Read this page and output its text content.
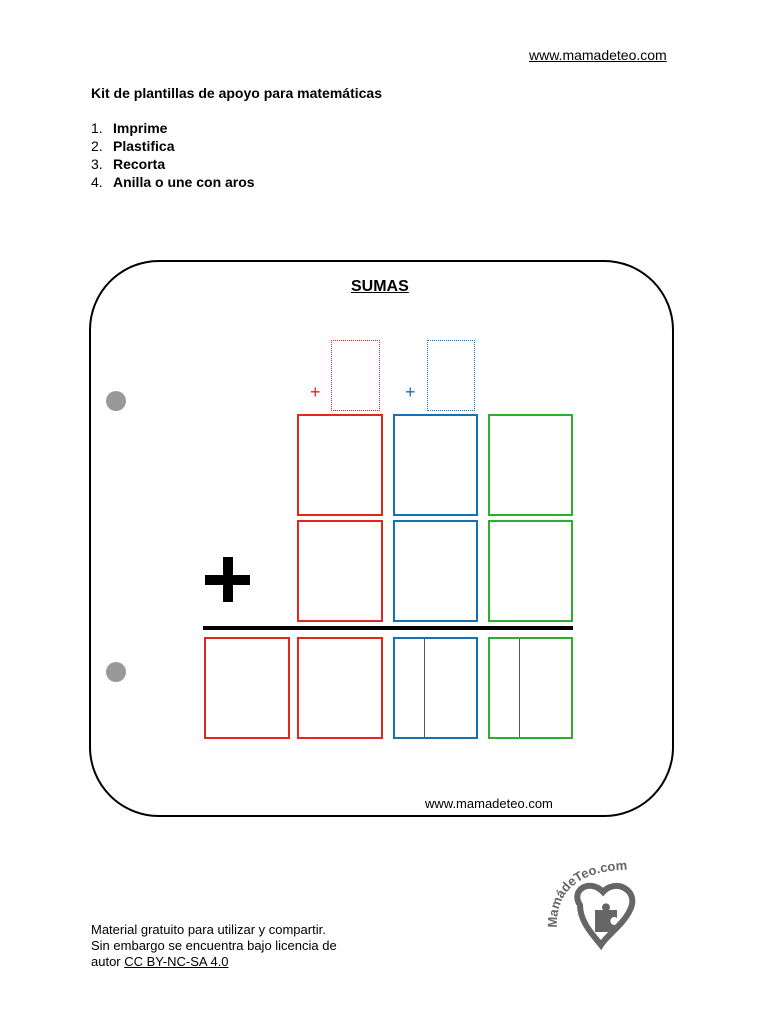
www.mamadeteo.com
Kit de plantillas de apoyo para matemáticas
1. Imprime
2. Plastifica
3. Recorta
4. Anilla o une con aros
SUMAS
+	+
www.mamadeteo.com
Material gratuito para utilizar y compartir.
Sin embargo se encuentra bajo licencia de
autor CC BY-NC-SA 4.0
MamádeTeo.com
